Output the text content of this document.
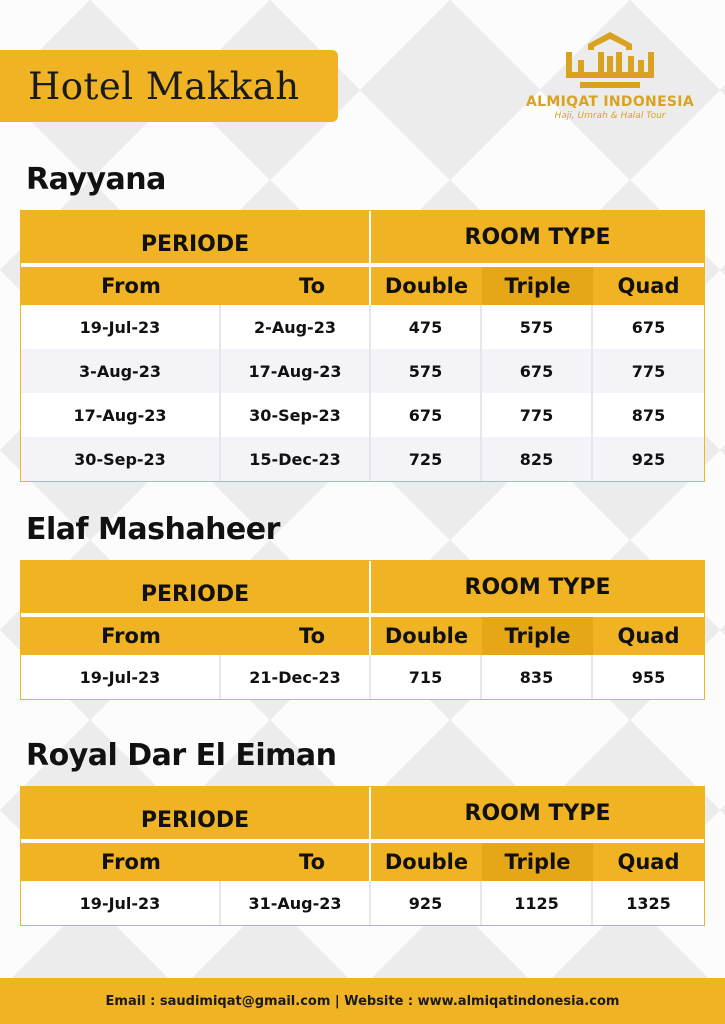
Hotel Makkah	ALMIQAT INDONESIA
Haji, Umrah & Halal Tour
Rayyana
PERIODE	ROOM TYPE
From	To	Double	Triple	Quad
19-Jul-23	2-Aug-23	475	575	675
3-Aug-23	17-Aug-23	575	675	775
17-Aug-23	30-Sep-23	675	775	875
30-Sep-23	15-Dec-23	725	825	925
Elaf Mashaheer
PERIODE	ROOM TYPE
From	To	Double	Triple	Quad
19-Jul-23	21-Dec-23	715	835	955
Royal Dar El Eiman
PERIODE	ROOM TYPE
From	To	Double	Triple	Quad
19-Jul-23	31-Aug-23	925	1125	1325
Email : saudimiqat@gmail.com | Website : www.almiqatindonesia.com
